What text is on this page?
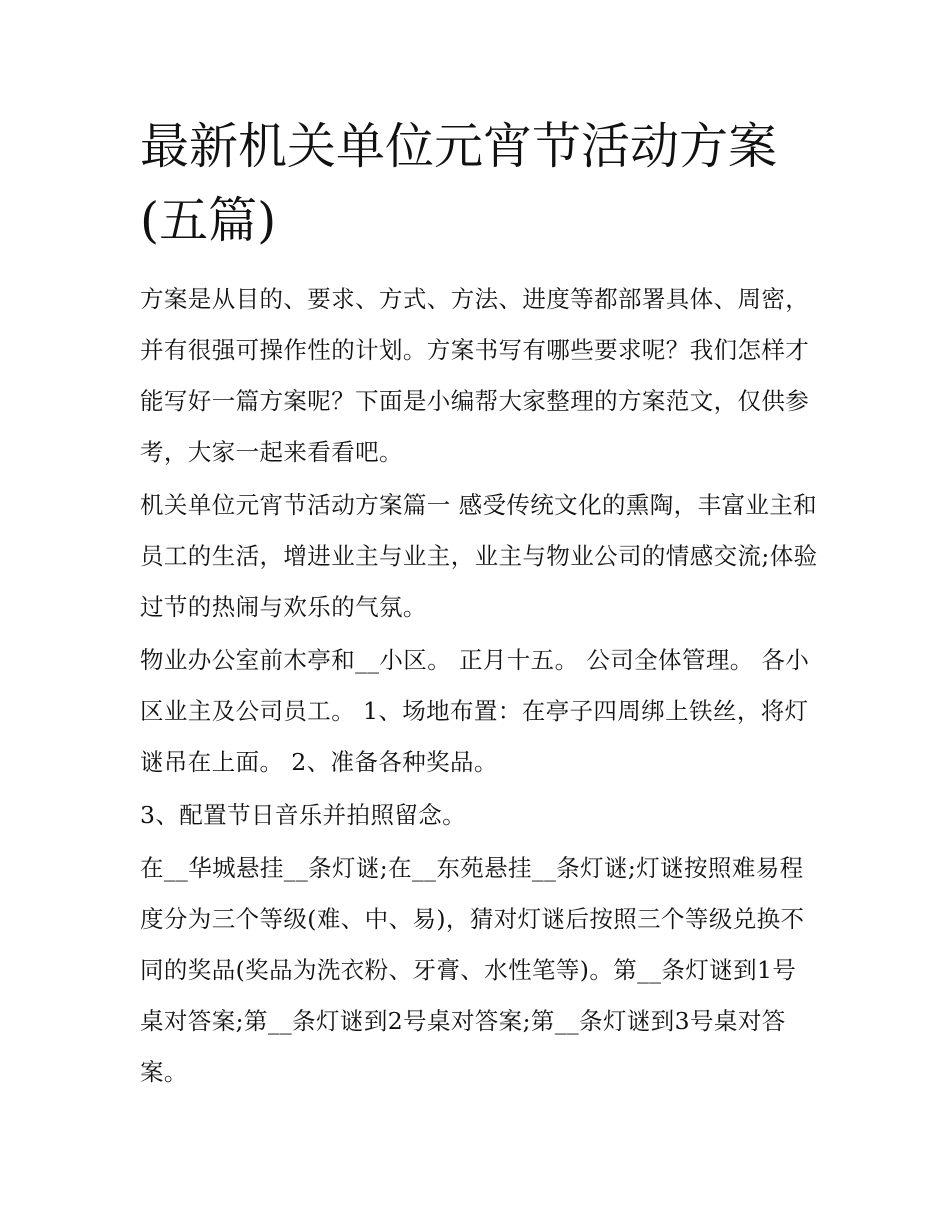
最新机关单位元宵节活动方案(五篇)

方案是从目的、要求、方式、方法、进度等都部署具体、周密，并有很强可操作性的计划。方案书写有哪些要求呢？我们怎样才能写好一篇方案呢？下面是小编帮大家整理的方案范文，仅供参考，大家一起来看看吧。

机关单位元宵节活动方案篇一 感受传统文化的熏陶，丰富业主和员工的生活，增进业主与业主，业主与物业公司的情感交流;体验过节的热闹与欢乐的气氛。

物业办公室前木亭和__小区。 正月十五。 公司全体管理。 各小区业主及公司员工。 1、场地布置：在亭子四周绑上铁丝，将灯谜吊在上面。 2、准备各种奖品。

3、配置节日音乐并拍照留念。

在__华城悬挂__条灯谜;在__东苑悬挂__条灯谜;灯谜按照难易程度分为三个等级(难、中、易)，猜对灯谜后按照三个等级兑换不同的奖品(奖品为洗衣粉、牙膏、水性笔等)。第__条灯谜到1号桌对答案;第__条灯谜到2号桌对答案;第__条灯谜到3号桌对答案。
